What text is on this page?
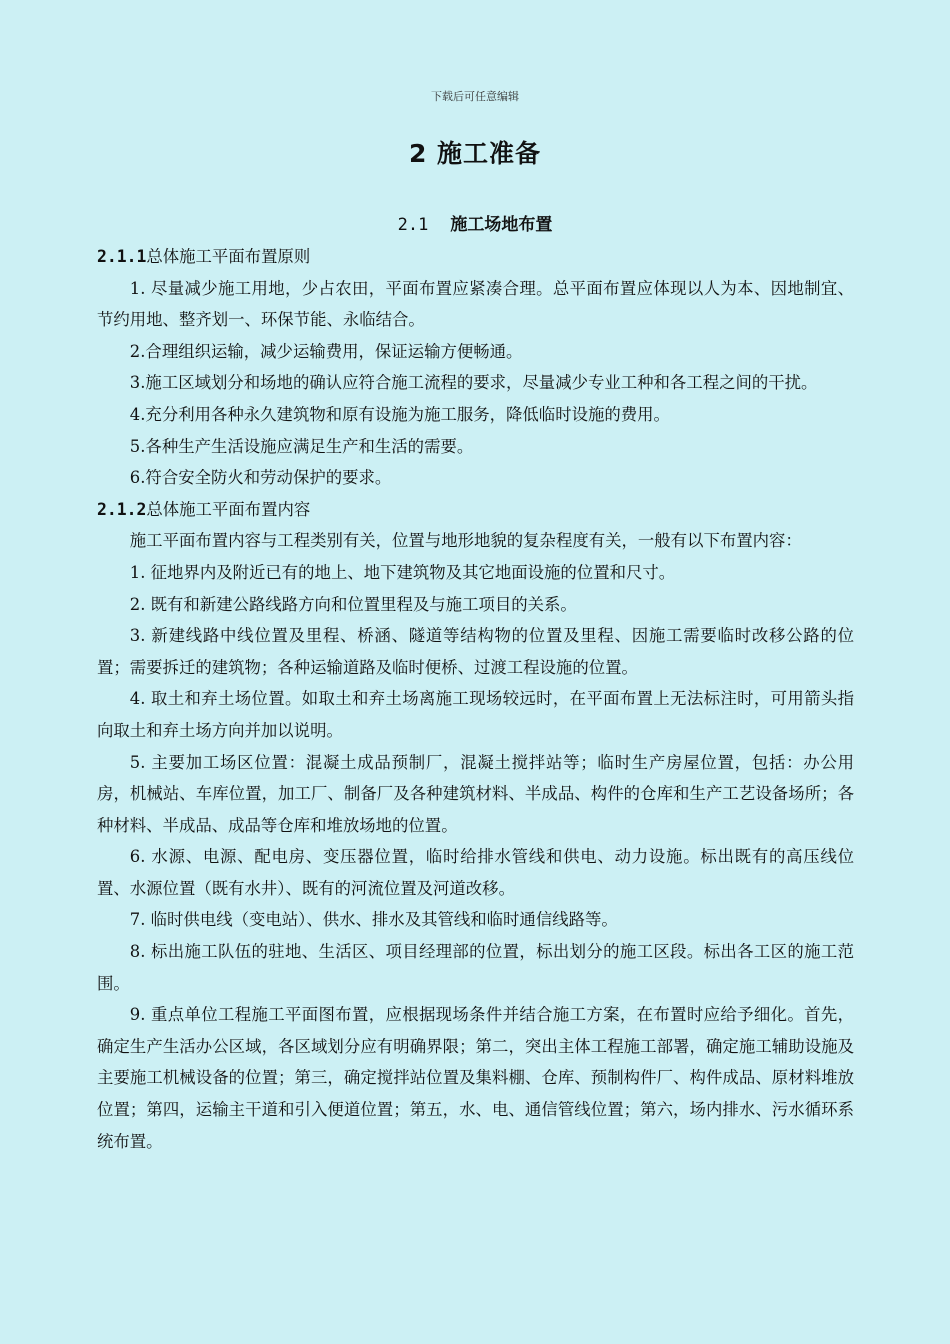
下载后可任意编辑
2 施工准备
2.1 施工场地布置

2.1.1总体施工平面布置原则

1. 尽量减少施工用地，少占农田，平面布置应紧凑合理。总平面布置应体现以人为本、因地制宜、节约用地、整齐划一、环保节能、永临结合。

2.合理组织运输，减少运输费用，保证运输方便畅通。

3.施工区域划分和场地的确认应符合施工流程的要求，尽量减少专业工种和各工程之间的干扰。

4.充分利用各种永久建筑物和原有设施为施工服务，降低临时设施的费用。

5.各种生产生活设施应满足生产和生活的需要。

6.符合安全防火和劳动保护的要求。

2.1.2总体施工平面布置内容

施工平面布置内容与工程类别有关，位置与地形地貌的复杂程度有关，一般有以下布置内容：

1. 征地界内及附近已有的地上、地下建筑物及其它地面设施的位置和尺寸。

2. 既有和新建公路线路方向和位置里程及与施工项目的关系。

3. 新建线路中线位置及里程、桥涵、隧道等结构物的位置及里程、因施工需要临时改移公路的位置；需要拆迁的建筑物；各种运输道路及临时便桥、过渡工程设施的位置。

4. 取土和弃土场位置。如取土和弃土场离施工现场较远时，在平面布置上无法标注时，可用箭头指向取土和弃土场方向并加以说明。

5. 主要加工场区位置：混凝土成品预制厂，混凝土搅拌站等；临时生产房屋位置，包括：办公用房，机械站、车库位置，加工厂、制备厂及各种建筑材料、半成品、构件的仓库和生产工艺设备场所；各种材料、半成品、成品等仓库和堆放场地的位置。

6. 水源、电源、配电房、变压器位置，临时给排水管线和供电、动力设施。标出既有的高压线位置、水源位置（既有水井）、既有的河流位置及河道改移。

7. 临时供电线（变电站）、供水、排水及其管线和临时通信线路等。

8. 标出施工队伍的驻地、生活区、项目经理部的位置，标出划分的施工区段。标出各工区的施工范围。

9. 重点单位工程施工平面图布置，应根据现场条件并结合施工方案，在布置时应给予细化。首先，确定生产生活办公区域，各区域划分应有明确界限；第二，突出主体工程施工部署，确定施工辅助设施及主要施工机械设备的位置；第三，确定搅拌站位置及集料棚、仓库、预制构件厂、构件成品、原材料堆放位置；第四，运输主干道和引入便道位置；第五，水、电、通信管线位置；第六，场内排水、污水循环系统布置。
